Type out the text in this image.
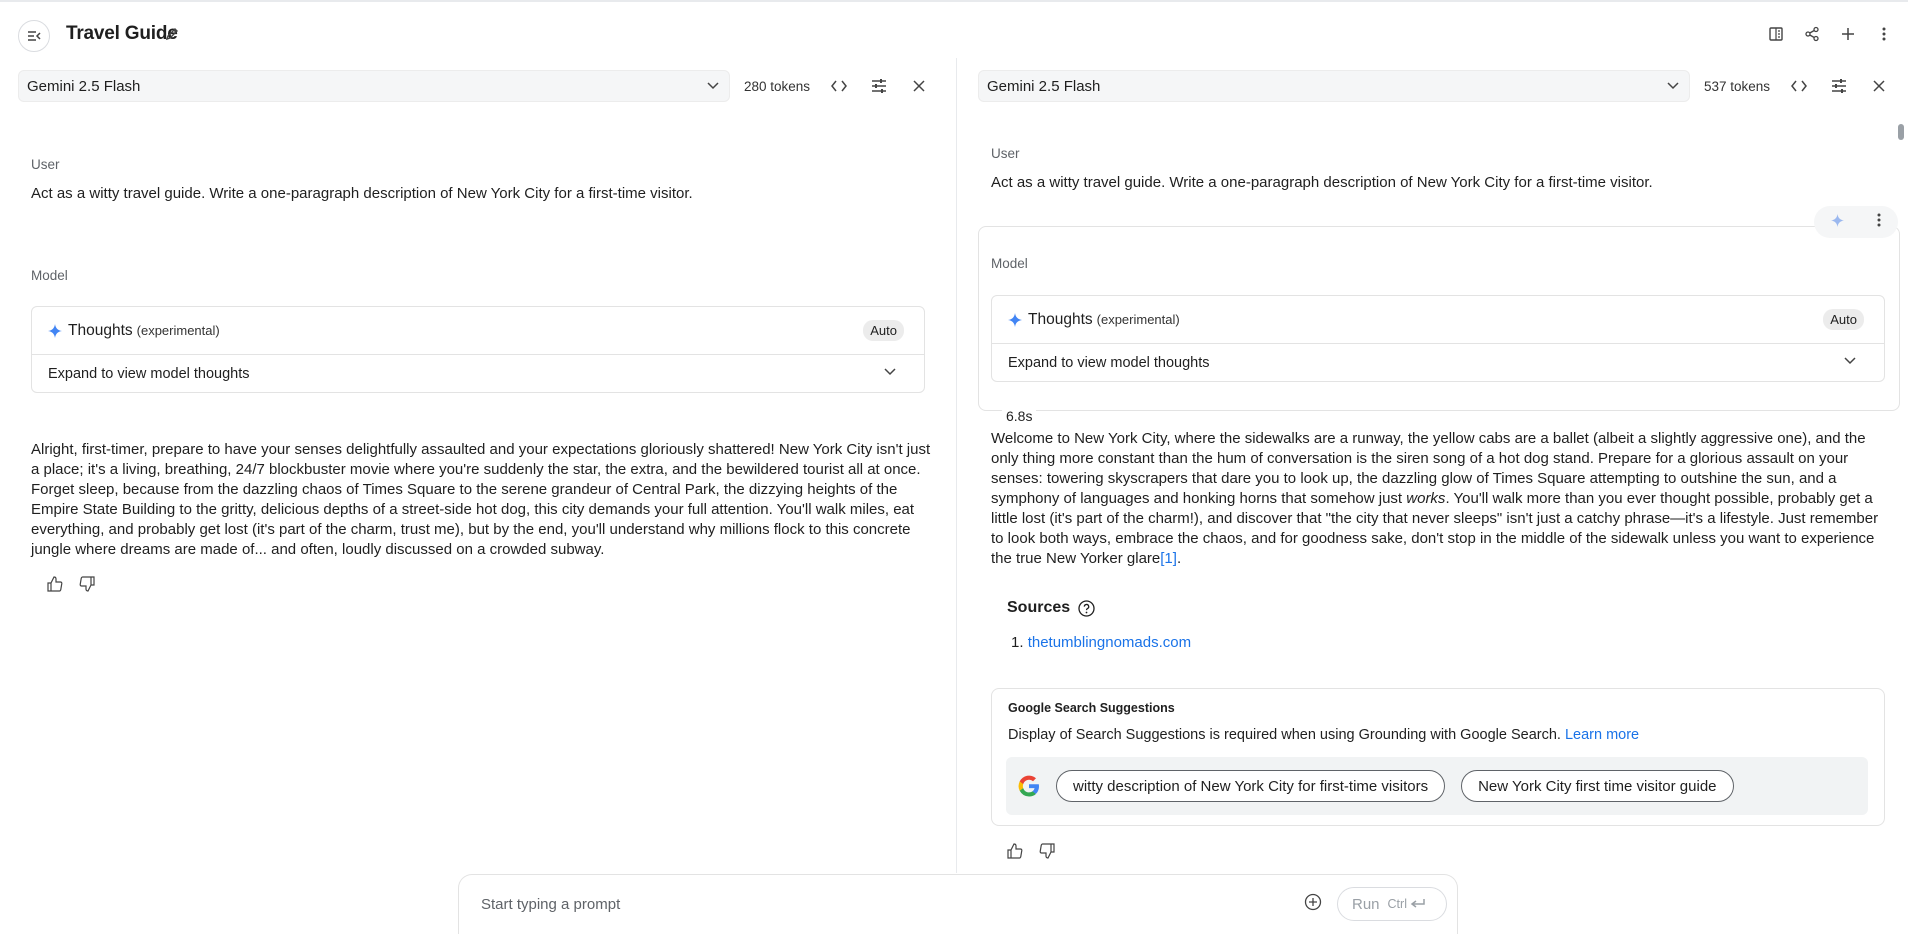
Travel Guide
Gemini 2.5 Flash	280 tokens
User
Act as a witty travel guide. Write a one-paragraph description of New York City for a first-time visitor.
Model
Thoughts (experimental)	Auto
Expand to view model thoughts
Alright, first-timer, prepare to have your senses delightfully assaulted and your expectations gloriously shattered! New York City isn't just a place; it's a living, breathing, 24/7 blockbuster movie where you're suddenly the star, the extra, and the bewildered tourist all at once. Forget sleep, because from the dazzling chaos of Times Square to the serene grandeur of Central Park, the dizzying heights of the Empire State Building to the gritty, delicious depths of a street-side hot dog, this city demands your full attention. You'll walk miles, eat everything, and probably get lost (it's part of the charm, trust me), but by the end, you'll understand why millions flock to this concrete jungle where dreams are made of... and often, loudly discussed on a crowded subway.
Gemini 2.5 Flash	537 tokens
User
Act as a witty travel guide. Write a one-paragraph description of New York City for a first-time visitor.
Model
Thoughts (experimental)	Auto
Expand to view model thoughts
6.8s
Welcome to New York City, where the sidewalks are a runway, the yellow cabs are a ballet (albeit a slightly aggressive one), and the only thing more constant than the hum of conversation is the siren song of a hot dog stand. Prepare for a glorious assault on your senses: towering skyscrapers that dare you to look up, the dazzling glow of Times Square attempting to outshine the sun, and a symphony of languages and honking horns that somehow just works. You'll walk more than you ever thought possible, probably get a little lost (it's part of the charm!), and discover that "the city that never sleeps" isn't just a catchy phrase—it's a lifestyle. Just remember to look both ways, embrace the chaos, and for goodness sake, don't stop in the middle of the sidewalk unless you want to experience the true New Yorker glare[1].
Sources
1. thetumblingnomads.com
Google Search Suggestions
Display of Search Suggestions is required when using Grounding with Google Search. Learn more
witty description of New York City for first-time visitors	New York City first time visitor guide
Start typing a prompt
Run Ctrl
